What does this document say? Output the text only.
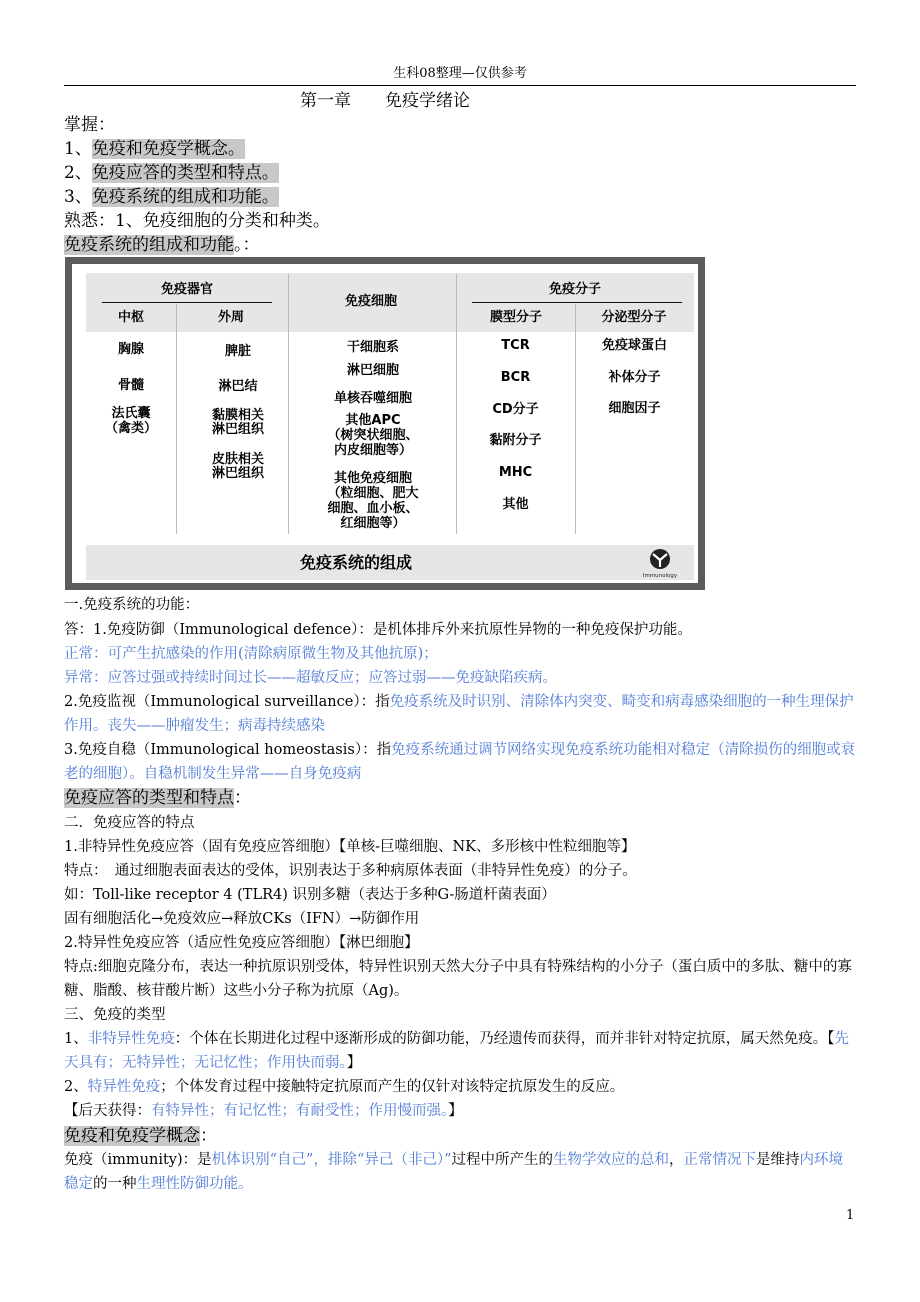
生科08整理—仅供参考
第一章 免疫学绪论
掌握：
1、免疫和免疫学概念。
2、免疫应答的类型和特点。
3、免疫系统的组成和功能。
熟悉：1、免疫细胞的分类和种类。
免疫系统的组成和功能。：
免疫器官
中枢	外周
免疫细胞
免疫分子
膜型分子	分泌型分子
胸腺
骨髓
法氏囊
（禽类）
脾脏
淋巴结
黏膜相关
淋巴组织
皮肤相关
淋巴组织
干细胞系
淋巴细胞
单核吞噬细胞
其他APC
（树突状细胞、
内皮细胞等）
其他免疫细胞
（粒细胞、肥大
细胞、血小板、
红细胞等）
TCR
BCR
CD分子
黏附分子
MHC
其他
免疫球蛋白
补体分子
细胞因子
免疫系统的组成
Immunology
一.免疫系统的功能：
答：1.免疫防御（Immunological defence）：是机体排斥外来抗原性异物的一种免疫保护功能。
正常：可产生抗感染的作用(清除病原微生物及其他抗原)；
异常：应答过强或持续时间过长——超敏反应；应答过弱——免疫缺陷疾病。
2.免疫监视（Immunological surveillance）：指免疫系统及时识别、清除体内突变、畸变和病毒感染细胞的一种生理保护作用。丧失——肿瘤发生；病毒持续感染
3.免疫自稳（Immunological homeostasis）：指免疫系统通过调节网络实现免疫系统功能相对稳定（清除损伤的细胞或衰老的细胞）。自稳机制发生异常——自身免疫病
免疫应答的类型和特点：
二．免疫应答的特点
1.非特异性免疫应答（固有免疫应答细胞）【单核-巨噬细胞、NK、多形核中性粒细胞等】
特点：　通过细胞表面表达的受体，识别表达于多种病原体表面（非特异性免疫）的分子。
如：Toll-like receptor 4 (TLR4) 识别多糖（表达于多种G-肠道杆菌表面）
固有细胞活化→免疫效应→释放CKs（IFN）→防御作用
2.特异性免疫应答（适应性免疫应答细胞）【淋巴细胞】
特点:细胞克隆分布，表达一种抗原识别受体，特异性识别天然大分子中具有特殊结构的小分子（蛋白质中的多肽、糖中的寡糖、脂酸、核苷酸片断）这些小分子称为抗原（Ag)。
三、免疫的类型
1、非特异性免疫：个体在长期进化过程中逐渐形成的防御功能，乃经遗传而获得，而并非针对特定抗原，属天然免疫。【先天具有；无特异性；无记忆性；作用快而弱。】
2、特异性免疫；个体发育过程中接触特定抗原而产生的仅针对该特定抗原发生的反应。
【后天获得：有特异性；有记忆性；有耐受性；作用慢而强。】
免疫和免疫学概念：
免疫（immunity)：是机体识别“自己”，排除“异己（非己）”过程中所产生的生物学效应的总和，正常情况下是维持内环境稳定的一种生理性防御功能。
1
